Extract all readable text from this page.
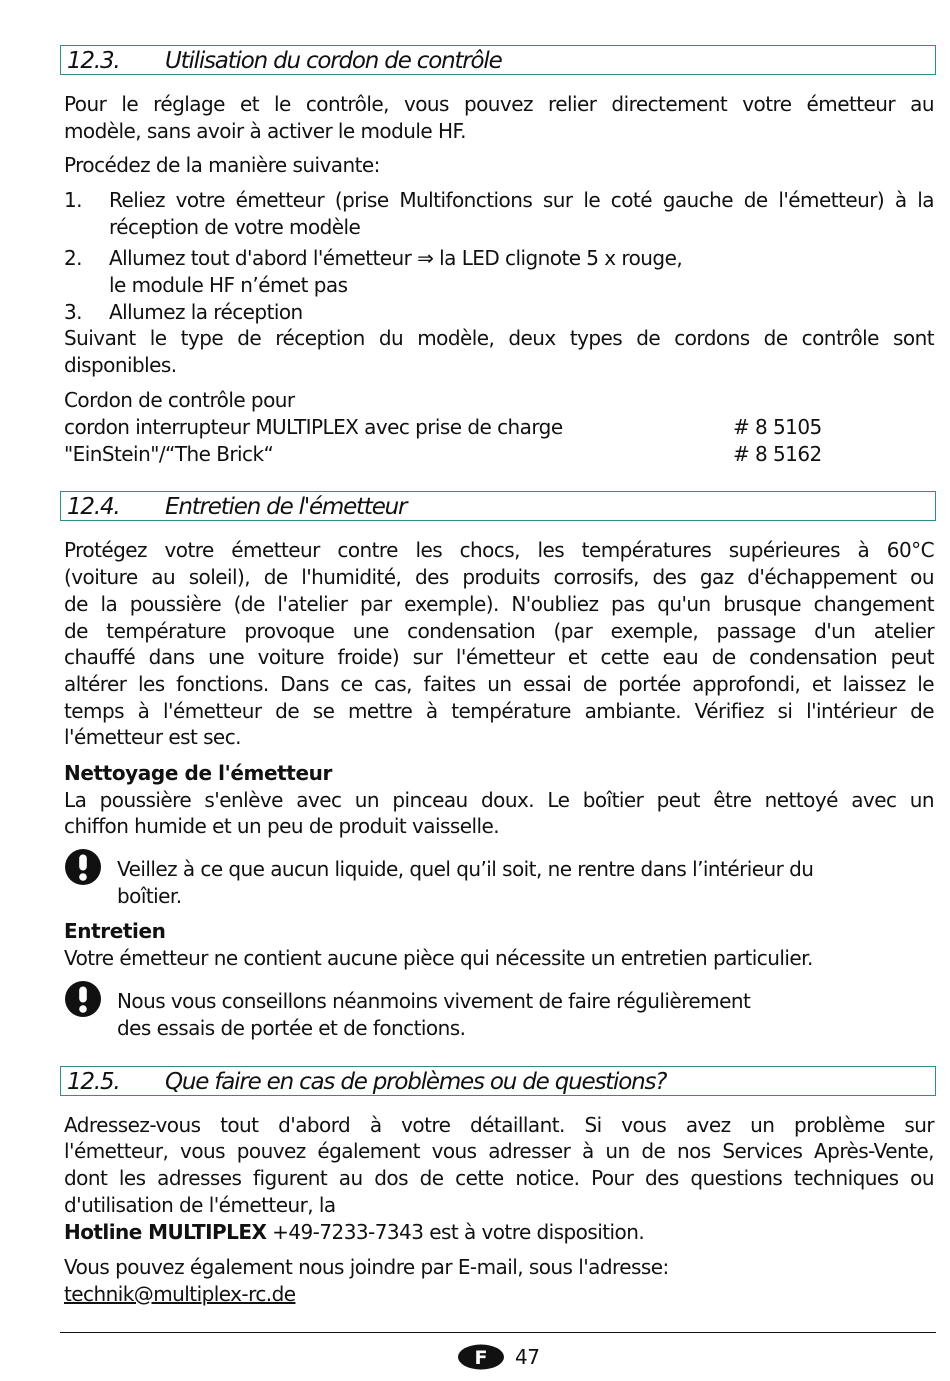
12.3. Utilisation du cordon de contrôle
Pour le réglage et le contrôle, vous pouvez relier directement votre émetteur au
modèle, sans avoir à activer le module HF.
Procédez de la manière suivante:
1. Reliez votre émetteur (prise Multifonctions sur le coté gauche de l'émetteur) à la
réception de votre modèle
2. Allumez tout d'abord l'émetteur ⇒ la LED clignote 5 x rouge,
le module HF n’émet pas
3. Allumez la réception
Suivant le type de réception du modèle, deux types de cordons de contrôle sont
disponibles.
Cordon de contrôle pour
cordon interrupteur MULTIPLEX avec prise de charge	# 8 5105
"EinStein"/“The Brick“	# 8 5162
12.4. Entretien de l'émetteur
Protégez votre émetteur contre les chocs, les températures supérieures à 60°C
(voiture au soleil), de l'humidité, des produits corrosifs, des gaz d'échappement ou
de la poussière (de l'atelier par exemple). N'oubliez pas qu'un brusque changement
de température provoque une condensation (par exemple, passage d'un atelier
chauffé dans une voiture froide) sur l'émetteur et cette eau de condensation peut
altérer les fonctions. Dans ce cas, faites un essai de portée approfondi, et laissez le
temps à l'émetteur de se mettre à température ambiante. Vérifiez si l'intérieur de
l'émetteur est sec.
Nettoyage de l'émetteur
La poussière s'enlève avec un pinceau doux. Le boîtier peut être nettoyé avec un
chiffon humide et un peu de produit vaisselle.
Veillez à ce que aucun liquide, quel qu’il soit, ne rentre dans l’intérieur du
boîtier.
Entretien
Votre émetteur ne contient aucune pièce qui nécessite un entretien particulier.
Nous vous conseillons néanmoins vivement de faire régulièrement
des essais de portée et de fonctions.
12.5. Que faire en cas de problèmes ou de questions?
Adressez-vous tout d'abord à votre détaillant. Si vous avez un problème sur
l'émetteur, vous pouvez également vous adresser à un de nos Services Après-Vente,
dont les adresses figurent au dos de cette notice. Pour des questions techniques ou
d'utilisation de l'émetteur, la
Hotline MULTIPLEX +49-7233-7343 est à votre disposition.
Vous pouvez également nous joindre par E-mail, sous l'adresse:
technik@multiplex-rc.de
F 47
